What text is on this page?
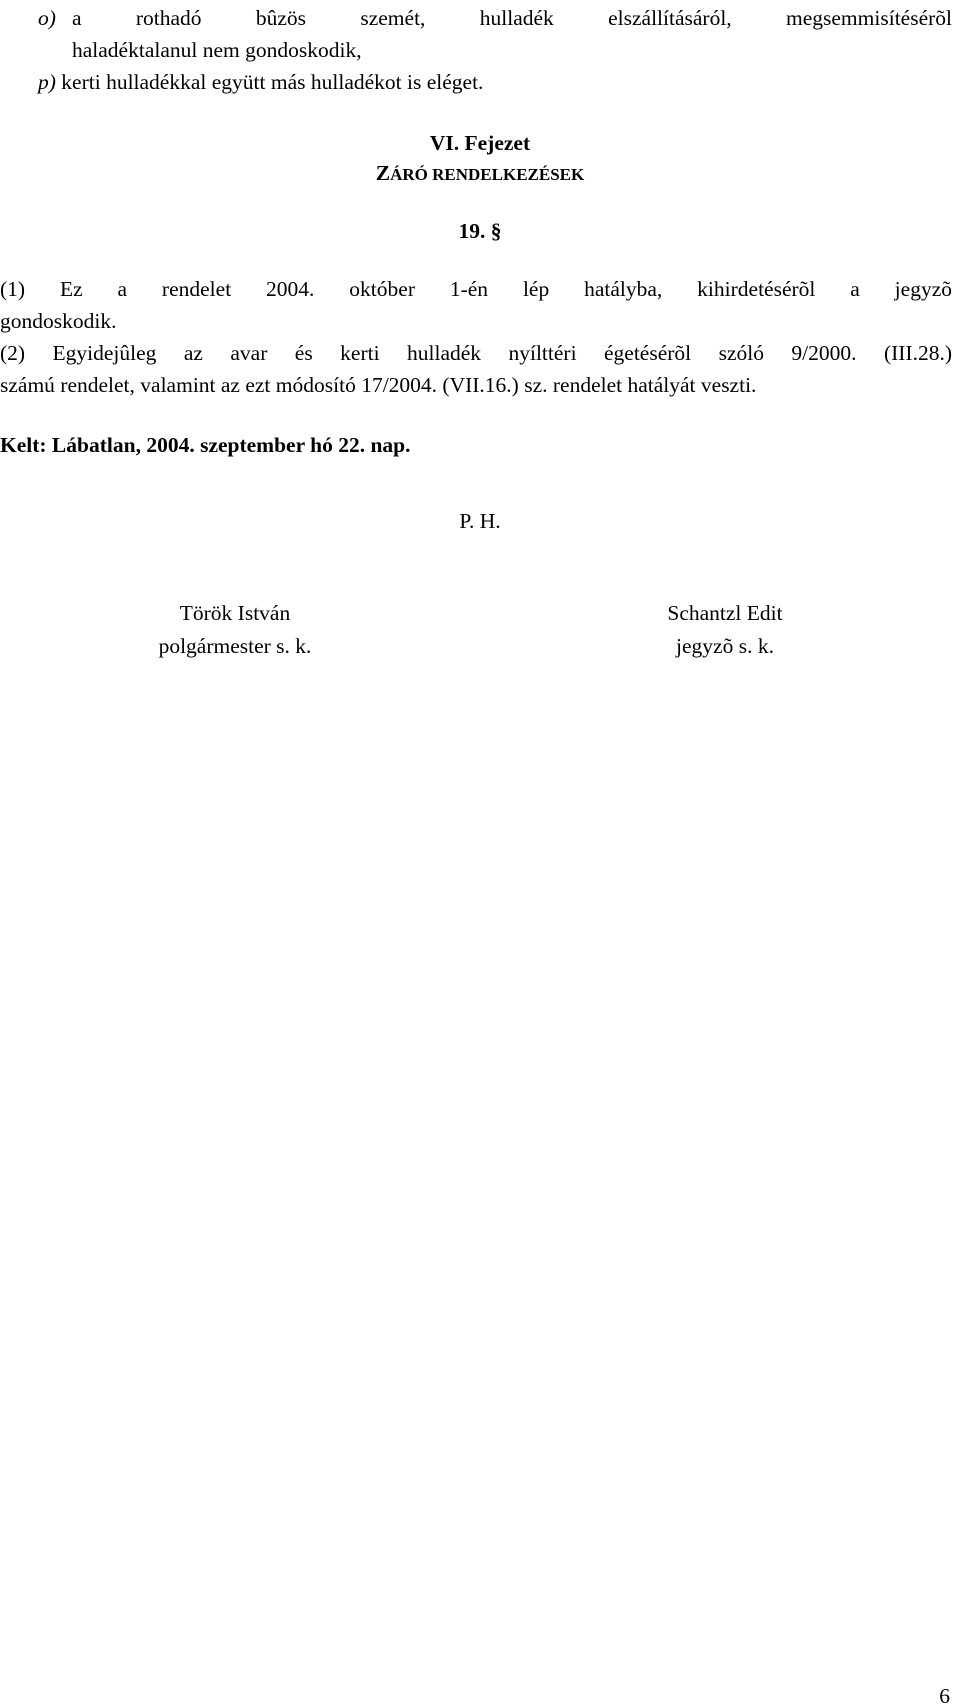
o) a rothadó bûzös szemét, hulladék elszállításáról, megsemmisítésérõl
haladéktalanul nem gondoskodik,
p) kerti hulladékkal együtt más hulladékot is eléget.
VI. Fejezet
ZÁRÓ RENDELKEZÉSEK
19. §
(1) Ez a rendelet 2004. október 1-én lép hatályba, kihirdetésérõl a jegyzõ
gondoskodik.
(2) Egyidejûleg az avar és kerti hulladék nyílttéri égetésérõl szóló 9/2000. (III.28.)
számú rendelet, valamint az ezt módosító 17/2004. (VII.16.) sz. rendelet hatályát veszti.
Kelt: Lábatlan, 2004. szeptember hó 22. nap.
P. H.
Török István
polgármester s. k.
Schantzl Edit
jegyzõ s. k.
6
